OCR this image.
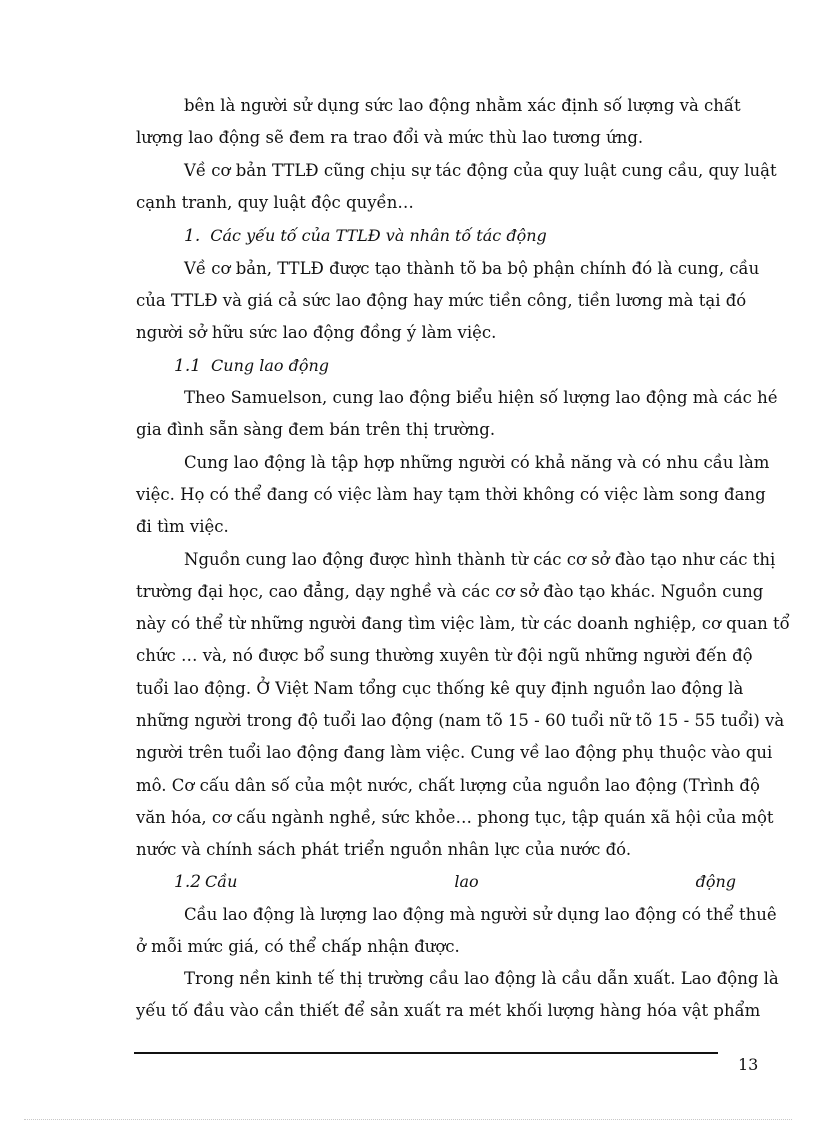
bên là người sử dụng sức lao động nhằm xác định số lượng và chất
lượng lao động sẽ đem ra trao đổi và mức thù lao tương ứng.
Về cơ bản TTLĐ cũng chịu sự tác động của quy luật cung cầu, quy luật
cạnh tranh, quy luật độc quyền…
1. Các yếu tố của TTLĐ và nhân tố tác động
Về cơ bản, TTLĐ được tạo thành tõ ba bộ phận chính đó là cung, cầu
của TTLĐ và giá cả sức lao động hay mức tiền công, tiền lương mà tại đó
người sở hữu sức lao động đồng ý làm việc.
1.1 Cung lao động
Theo Samuelson, cung lao động biểu hiện số lượng lao động mà các hé
gia đình sẵn sàng đem bán trên thị trường.
Cung lao động là tập hợp những người có khả năng và có nhu cầu làm
việc. Họ có thể đang có việc làm hay tạm thời không có việc làm song đang
đi tìm việc.
Nguồn cung lao động được hình thành từ các cơ sở đào tạo như các thị
trường đại học, cao đẳng, dạy nghề và các cơ sở đào tạo khác. Nguồn cung
này có thể từ những người đang tìm việc làm, từ các doanh nghiệp, cơ quan tổ
chức … và, nó được bổ sung thường xuyên từ đội ngũ những người đến độ
tuổi lao động. Ở Việt Nam tổng cục thống kê quy định nguồn lao động là
những người trong độ tuổi lao động (nam tõ 15 - 60 tuổi nữ tõ 15 - 55 tuổi) và
người trên tuổi lao động đang làm việc. Cung về lao động phụ thuộc vào qui
mô. Cơ cấu dân số của một nước, chất lượng của nguồn lao động (Trình độ
văn hóa, cơ cấu ngành nghề, sức khỏe… phong tục, tập quán xã hội của một
nước và chính sách phát triển nguồn nhân lực của nước đó.
1.2 Cầu	lao	động
Cầu lao động là lượng lao động mà người sử dụng lao động có thể thuê
ở mỗi mức giá, có thể chấp nhận được.
Trong nền kinh tế thị trường cầu lao động là cầu dẫn xuất. Lao động là
yếu tố đầu vào cần thiết để sản xuất ra mét khối lượng hàng hóa vật phẩm
13
